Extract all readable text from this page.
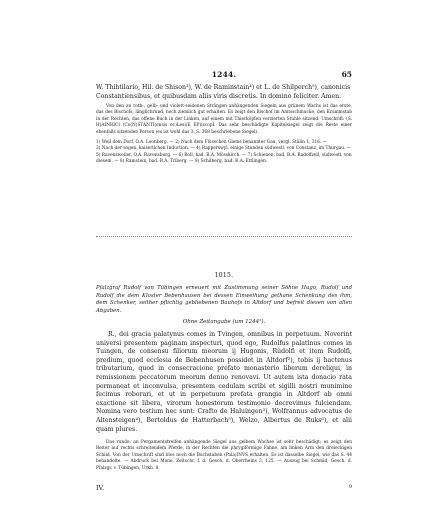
1244.	65

W. Thihtilario, Hil. de Shison³), W. de Raminstain⁴) et L. de Shilperch⁵), canonicis

Constantiensibus, et quibusdam aliis viris discretis. In domino feliciter. Amen.

Von den an roth-, gelb- und violett-seidenen Strängen anhängenden Siegeln aus grünem Wachs ist das erste, das des Bischofs, länglichrund, noch ziemlich gut erhalten. Es zeigt den Bischof im Amtsschmucke, den Krummstab in der Rechten, das offene Buch in der Linken, auf einem mit Thierköpfen verzierten Stuhle sitzend. Umschrift: (S. H)AINRICI (Co(N)STANTI(ensis ec)Lesi(E EP)iscopI. Das sehr beschädigte Kapitelsiegel zeigt die Reste einer ebenfalls sitzenden Person (es ist wohl das 3, S. 368 beschriebene Siegel).

1) Weil dem Dorf, O.A. Leonberg. — 2) Nach dem Flüsschen Glems benannter Gau, vergl. Stälin 1, 316. —

3) Nach der sogen. kaiserlichen Induction. — 4) Rapperswyl, einige Stunden südwestl. von Constanz, im Thurgau. — 5) Ravensweiler, O.A. Ravensburg. — 6) Boll, bad. B.A. Mösskirch. — 7) Schienen, bad. B.A. Radolfzell, südwestl. von diesem. — 8) Ramstein, bad. B.A. Triberg. — 9) Schilberg, bad. B.A. Ettlingen.

1015.
Pfalzgraf Rudolf von Tübingen erneuert mit Zustimmung seiner Söhne Hugo, Rudolf und Rudolf die dem Kloster Bebenhausen bei dessen Einweihung gethane Schenkung des ihm, dem Schenker, seither pflichtig gebliebenen Bauhofs in Altdorf und befreit diesen von allen Abgaben.
Ohne Zeitangabe (um 1244¹).

R., dei gracia palatynus comes in Tvingen, omnibus in perpetuum. Noverint universi presentem paginam inspecturi, quod ego, Rudolfus palatinus comes in Tuingen, de consensu filiorum meorum ij Hugonis, Rûdolfi et item Rudolfi, predium, quod ecclesia de Bebenhusen possidet in Altdorf²), tobis ij hactenus tributarium, quod in consecracione prefato monasterio liberum dereliqui, in remissionem peccatorum meorum denuo renovavi. Ut autem ista donacio rata permaneat et inconvulsa, presentem cedulam scribi et sigilli nostri munimine fecimus roborari, et ut in perpetuum prefata grangia in Altdorf ab omni exactione sit libera, virorum honestorum testimonio decrevimus fulciendam. Nomina vero testium hec sunt: Crafto de Haluingen³), Wolfrannus advocatus de Altensteigen⁴), Bertoldus de Hatterbach⁵), Welzo, Albertus de Ruks⁶), et alii quam plures.

Das runde, an Pergamentstreifen anhängende Siegel aus gelbem Wachse ist sehr beschädigt; es zeigt den Reiter auf rechts schreitendem Pferde, in der Rechten die phrygiförmige Fahne, am linken Arm den dreieckigen Schild. Von der Umschrift sind blos noch die Buchstaben (Pala)INVS erhalten. Es ist dasselbe Siegel, wie das S. 44 behandelte. — Abdruck bei Mone, Zeitschr. f. d. Gesch. d. Oberrheins 3, 125. — Auszug bei Schmid, Gesch. d. Pfalzgr. v. Tübingen, Urkb. 8.

IV.	9
